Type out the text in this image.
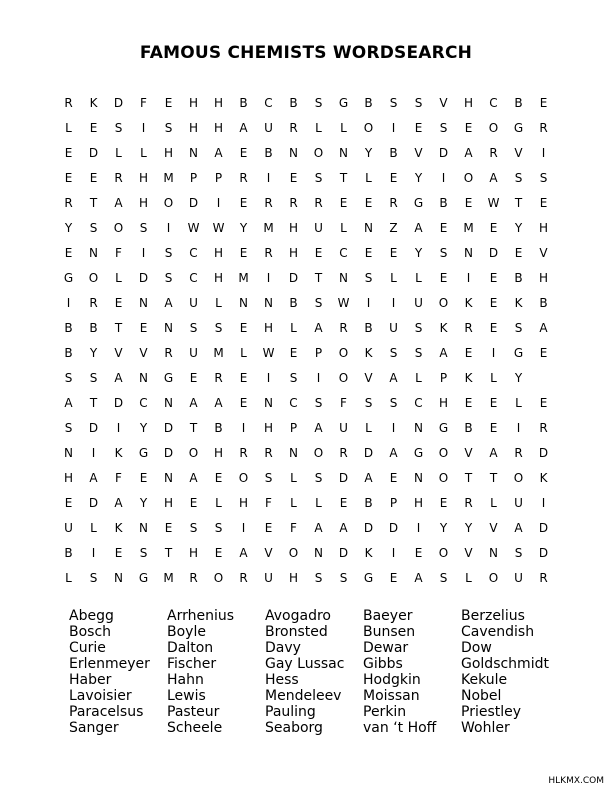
FAMOUS CHEMISTS WORDSEARCH
R	K	D	F	E	H	H	B	C	B	S	G	B	S	S	V	H	C	B	E
L	E	S	I	S	H	H	A	U	R	L	L	O	I	E	S	E	O	G	R
E	D	L	L	H	N	A	E	B	N	O	N	Y	B	V	D	A	R	V	I
E	E	R	H	M	P	P	R	I	E	S	T	L	E	Y	I	O	A	S	S
R	T	A	H	O	D	I	E	R	R	R	E	E	R	G	B	E	W	T	E
Y	S	O	S	I	W	W	Y	M	H	U	L	N	Z	A	E	M	E	Y	H
E	N	F	I	S	C	H	E	R	H	E	C	E	E	Y	S	N	D	E	V
G	O	L	D	S	C	H	M	I	D	T	N	S	L	L	E	I	E	B	H
I	R	E	N	A	U	L	N	N	B	S	W	I	I	U	O	K	E	K	B
B	B	T	E	N	S	S	E	H	L	A	R	B	U	S	K	R	E	S	A
B	Y	V	V	R	U	M	L	W	E	P	O	K	S	S	A	E	I	G	E
S	S	A	N	G	E	R	E	I	S	I	O	V	A	L	P	K	L	Y
A	T	D	C	N	A	A	E	N	C	S	F	S	S	C	H	E	E	L	E
S	D	I	Y	D	T	B	I	H	P	A	U	L	I	N	G	B	E	I	R
N	I	K	G	D	O	H	R	R	N	O	R	D	A	G	O	V	A	R	D
H	A	F	E	N	A	E	O	S	L	S	D	A	E	N	O	T	T	O	K
E	D	A	Y	H	E	L	H	F	L	L	E	B	P	H	E	R	L	U	I
U	L	K	N	E	S	S	I	E	F	A	A	D	D	I	Y	Y	V	A	D
B	I	E	S	T	H	E	A	V	O	N	D	K	I	E	O	V	N	S	D
L	S	N	G	M	R	O	R	U	H	S	S	G	E	A	S	L	O	U	R
Abegg	Arrhenius	Avogadro	Baeyer	Berzelius
Bosch	Boyle	Bronsted	Bunsen	Cavendish
Curie	Dalton	Davy	Dewar	Dow
Erlenmeyer	Fischer	Gay Lussac	Gibbs	Goldschmidt
Haber	Hahn	Hess	Hodgkin	Kekule
Lavoisier	Lewis	Mendeleev	Moissan	Nobel
Paracelsus	Pasteur	Pauling	Perkin	Priestley
Sanger	Scheele	Seaborg	van ‘t Hoff	Wohler
HLKMX.COM
